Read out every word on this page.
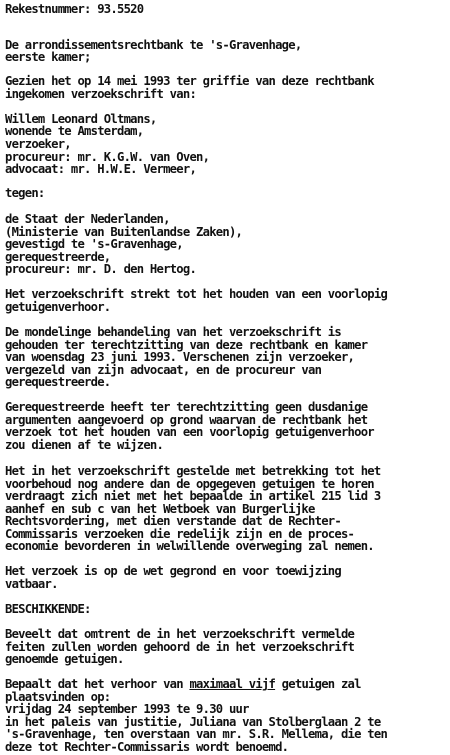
Rekestnummer: 93.5520
De arrondissementsrechtbank te 's-Gravenhage,
eerste kamer;
Gezien het op 14 mei 1993 ter griffie van deze rechtbank
ingekomen verzoekschrift van:
Willem Leonard Oltmans,
wonende te Amsterdam,
verzoeker,
procureur: mr. K.G.W. van Oven,
advocaat: mr. H.W.E. Vermeer,
tegen:
de Staat der Nederlanden,
(Ministerie van Buitenlandse Zaken),
gevestigd te 's-Gravenhage,
gerequestreerde,
procureur: mr. D. den Hertog.
Het verzoekschrift strekt tot het houden van een voorlopig
getuigenverhoor.
De mondelinge behandeling van het verzoekschrift is
gehouden ter terechtzitting van deze rechtbank en kamer
van woensdag 23 juni 1993. Verschenen zijn verzoeker,
vergezeld van zijn advocaat, en de procureur van
gerequestreerde.
Gerequestreerde heeft ter terechtzitting geen dusdanige
argumenten aangevoerd op grond waarvan de rechtbank het
verzoek tot het houden van een voorlopig getuigenverhoor
zou dienen af te wijzen.
Het in het verzoekschrift gestelde met betrekking tot het
voorbehoud nog andere dan de opgegeven getuigen te horen
verdraagt zich niet met het bepaalde in artikel 215 lid 3
aanhef en sub c van het Wetboek van Burgerlijke
Rechtsvordering, met dien verstande dat de Rechter-
Commissaris verzoeken die redelijk zijn en de proces-
economie bevorderen in welwillende overweging zal nemen.
Het verzoek is op de wet gegrond en voor toewijzing
vatbaar.
BESCHIKKENDE:
Beveelt dat omtrent de in het verzoekschrift vermelde
feiten zullen worden gehoord de in het verzoekschrift
genoemde getuigen.
Bepaalt dat het verhoor van maximaal vijf getuigen zal
plaatsvinden op:
vrijdag 24 september 1993 te 9.30 uur
in het paleis van justitie, Juliana van Stolberglaan 2 te
's-Gravenhage, ten overstaan van mr. S.R. Mellema, die ten
deze tot Rechter-Commissaris wordt benoemd.
